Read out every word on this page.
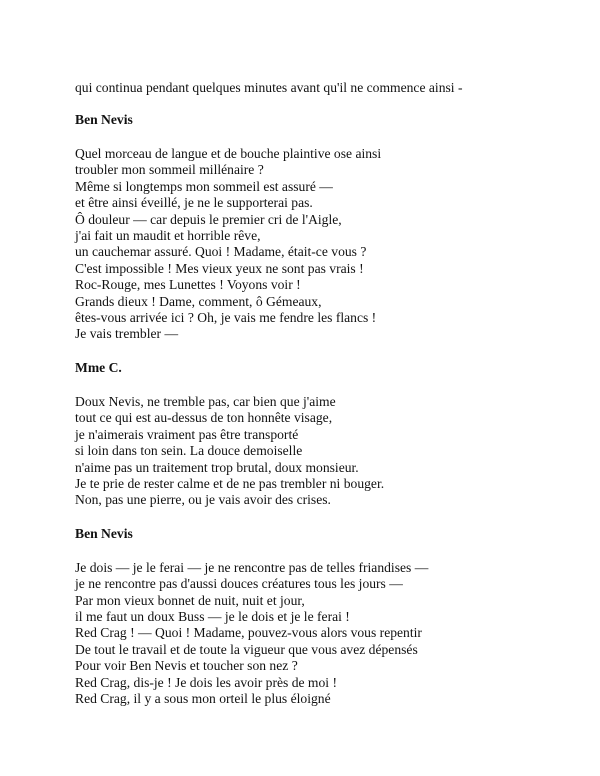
qui continua pendant quelques minutes avant qu'il ne commence ainsi -

Ben Nevis

Quel morceau de langue et de bouche plaintive ose ainsi
troubler mon sommeil millénaire ?
Même si longtemps mon sommeil est assuré —
et être ainsi éveillé, je ne le supporterai pas.
Ô douleur — car depuis le premier cri de l'Aigle,
j'ai fait un maudit et horrible rêve,
un cauchemar assuré. Quoi ! Madame, était-ce vous ?
C'est impossible ! Mes vieux yeux ne sont pas vrais !
Roc-Rouge, mes Lunettes ! Voyons voir !
Grands dieux ! Dame, comment, ô Gémeaux,
êtes-vous arrivée ici ? Oh, je vais me fendre les flancs !
Je vais trembler —

Mme C.

Doux Nevis, ne tremble pas, car bien que j'aime
tout ce qui est au-dessus de ton honnête visage,
je n'aimerais vraiment pas être transporté
si loin dans ton sein. La douce demoiselle
n'aime pas un traitement trop brutal, doux monsieur.
Je te prie de rester calme et de ne pas trembler ni bouger.
Non, pas une pierre, ou je vais avoir des crises.

Ben Nevis

Je dois — je le ferai — je ne rencontre pas de telles friandises —
je ne rencontre pas d'aussi douces créatures tous les jours —
Par mon vieux bonnet de nuit, nuit et jour,
il me faut un doux Buss — je le dois et je le ferai !
Red Crag ! — Quoi ! Madame, pouvez-vous alors vous repentir
De tout le travail et de toute la vigueur que vous avez dépensés
Pour voir Ben Nevis et toucher son nez ?
Red Crag, dis-je ! Je dois les avoir près de moi !
Red Crag, il y a sous mon orteil le plus éloigné
